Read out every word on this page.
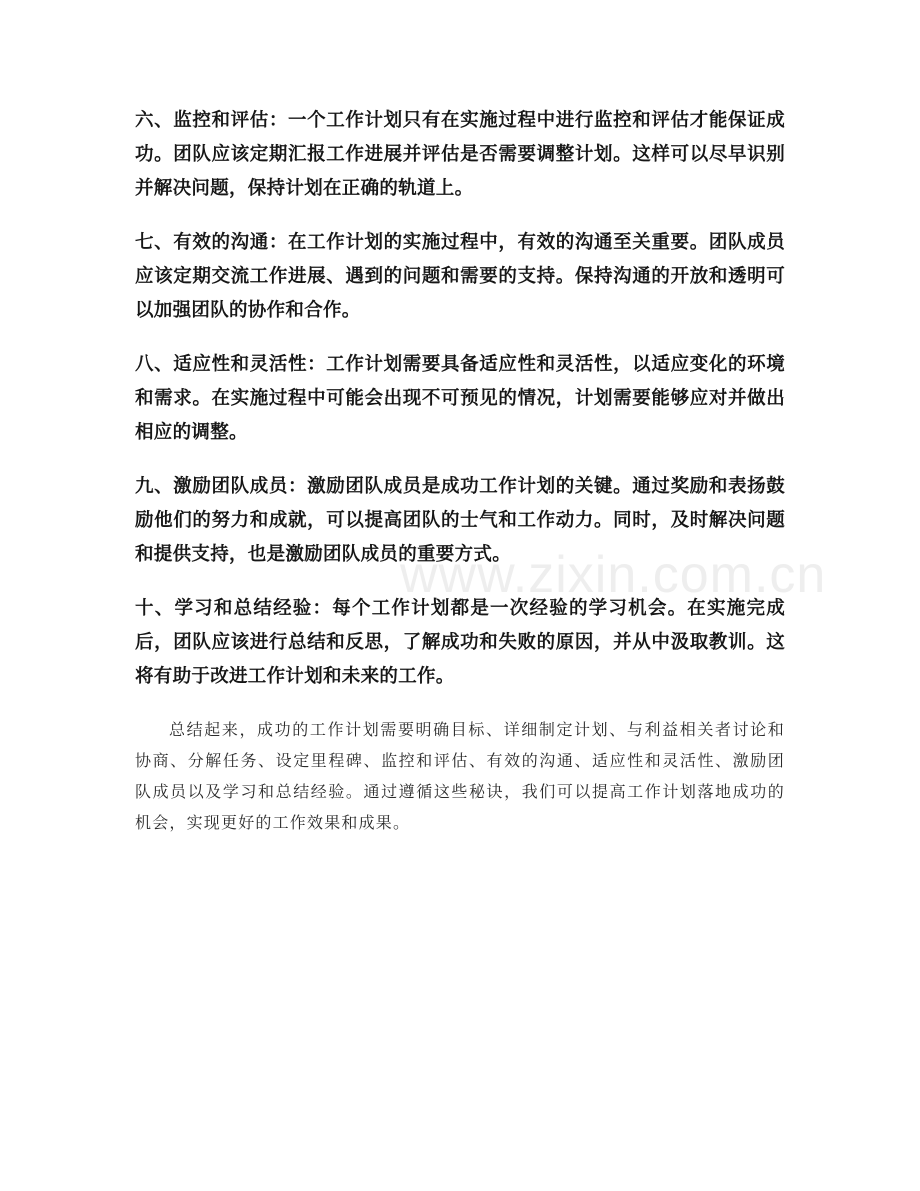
六、监控和评估：一个工作计划只有在实施过程中进行监控和评估才能保证成功。团队应该定期汇报工作进展并评估是否需要调整计划。这样可以尽早识别并解决问题，保持计划在正确的轨道上。

七、有效的沟通：在工作计划的实施过程中，有效的沟通至关重要。团队成员应该定期交流工作进展、遇到的问题和需要的支持。保持沟通的开放和透明可以加强团队的协作和合作。

八、适应性和灵活性：工作计划需要具备适应性和灵活性，以适应变化的环境和需求。在实施过程中可能会出现不可预见的情况，计划需要能够应对并做出相应的调整。

九、激励团队成员：激励团队成员是成功工作计划的关键。通过奖励和表扬鼓励他们的努力和成就，可以提高团队的士气和工作动力。同时，及时解决问题和提供支持，也是激励团队成员的重要方式。

十、学习和总结经验：每个工作计划都是一次经验的学习机会。在实施完成后，团队应该进行总结和反思，了解成功和失败的原因，并从中汲取教训。这将有助于改进工作计划和未来的工作。

总结起来，成功的工作计划需要明确目标、详细制定计划、与利益相关者讨论和协商、分解任务、设定里程碑、监控和评估、有效的沟通、适应性和灵活性、激励团队成员以及学习和总结经验。通过遵循这些秘诀，我们可以提高工作计划落地成功的机会，实现更好的工作效果和成果。

www.zixin.com.cn
